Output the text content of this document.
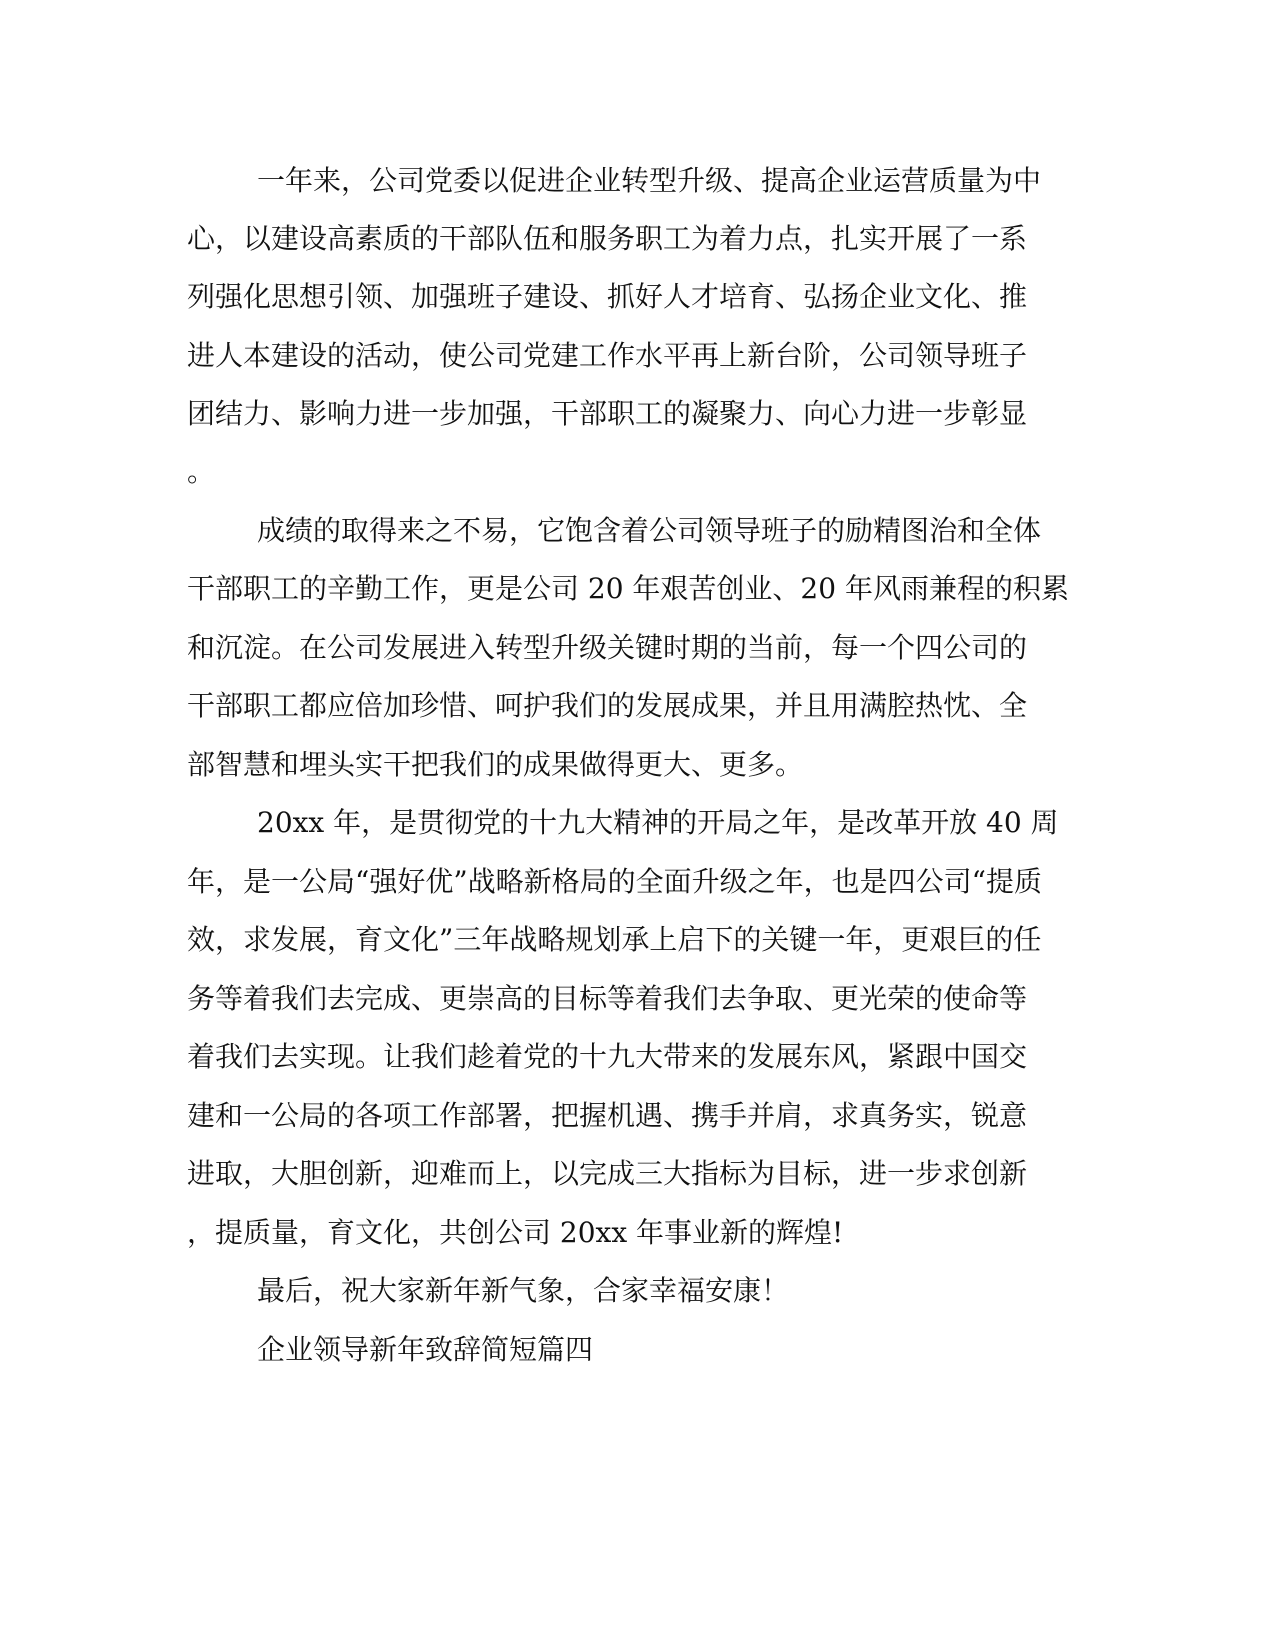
一年来，公司党委以促进企业转型升级、提高企业运营质量为中
心，以建设高素质的干部队伍和服务职工为着力点，扎实开展了一系
列强化思想引领、加强班子建设、抓好人才培育、弘扬企业文化、推
进人本建设的活动，使公司党建工作水平再上新台阶，公司领导班子
团结力、影响力进一步加强，干部职工的凝聚力、向心力进一步彰显
。
成绩的取得来之不易，它饱含着公司领导班子的励精图治和全体
干部职工的辛勤工作，更是公司 20 年艰苦创业、20 年风雨兼程的积累
和沉淀。在公司发展进入转型升级关键时期的当前，每一个四公司的
干部职工都应倍加珍惜、呵护我们的发展成果，并且用满腔热忱、全
部智慧和埋头实干把我们的成果做得更大、更多。
20xx 年，是贯彻党的十九大精神的开局之年，是改革开放 40 周
年，是一公局“强好优”战略新格局的全面升级之年，也是四公司“提质
效，求发展，育文化”三年战略规划承上启下的关键一年，更艰巨的任
务等着我们去完成、更崇高的目标等着我们去争取、更光荣的使命等
着我们去实现。让我们趁着党的十九大带来的发展东风，紧跟中国交
建和一公局的各项工作部署，把握机遇、携手并肩，求真务实，锐意
进取，大胆创新，迎难而上，以完成三大指标为目标，进一步求创新
，提质量，育文化，共创公司 20xx 年事业新的辉煌!
最后，祝大家新年新气象，合家幸福安康！
企业领导新年致辞简短篇四
